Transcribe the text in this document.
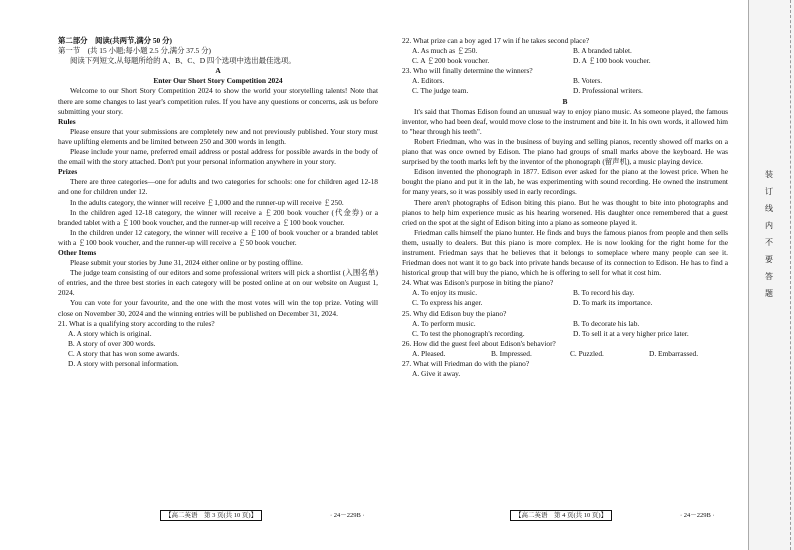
第二部分　阅读(共两节,满分 50 分)

第一节　(共 15 小题;每小题 2.5 分,满分 37.5 分)

阅读下列短文,从每题所给的 A、B、C、D 四个选项中选出最佳选项。

A

Enter Our Short Story Competition 2024

Welcome to our Short Story Competition 2024 to show the world your storytelling talents! Note that there are some changes to last year's competition rules. If you have any questions or concerns, ask us before submitting your story.

Rules

Please ensure that your submissions are completely new and not previously published. Your story must have uplifting elements and be limited between 250 and 300 words in length.

Please include your name, preferred email address or postal address for possible awards in the body of the email with the story attached. Don't put your personal information anywhere in your story.

Prizes

There are three categories—one for adults and two categories for schools: one for children aged 12-18 and one for children under 12.

In the adults category, the winner will receive ￡1,000 and the runner-up will receive ￡250.

In the children aged 12-18 category, the winner will receive a ￡200 book voucher (代金券) or a branded tablet with a ￡100 book voucher, and the runner-up will receive a ￡100 book voucher.

In the children under 12 category, the winner will receive a ￡100 of book voucher or a branded tablet with a ￡100 book voucher, and the runner-up will receive a ￡50 book voucher.

Other Items

Please submit your stories by June 31, 2024 either online or by posting offline.

The judge team consisting of our editors and some professional writers will pick a shortlist (入围名单) of entries, and the three best stories in each category will be posted online at on our website on August 1, 2024.

You can vote for your favourite, and the one with the most votes will win the top prize. Voting will close on November 30, 2024 and the winning entries will be published on December 31, 2024.

21. What is a qualifying story according to the rules?

A. A story which is original.
B. A story of over 300 words.
C. A story that has won some awards.
D. A story with personal information.

22. What prize can a boy aged 17 win if he takes second place?

A. As much as ￡250.	B. A branded tablet.
C. A ￡200 book voucher.	D. A ￡100 book voucher.

23. Who will finally determine the winners?

A. Editors.	B. Voters.
C. The judge team.	D. Professional writers.

B

It's said that Thomas Edison found an unusual way to enjoy piano music. As someone played, the famous inventor, who had been deaf, would move close to the instrument and bite it. In his own words, it allowed him to "hear through his teeth".

Robert Friedman, who was in the business of buying and selling pianos, recently showed off marks on a piano that was once owned by Edison. The piano had groups of small marks above the keyboard. He was surprised by the tooth marks left by the inventor of the phonograph (留声机), a music playing device.

Edison invented the phonograph in 1877. Edison ever asked for the piano at the lowest price. When he bought the piano and put it in the lab, he was experimenting with sound recording. He owned the instrument for many years, so it was possibly used in early recordings.

There aren't photographs of Edison biting this piano. But he was thought to bite into photographs and pianos to help him experience music as his hearing worsened. His daughter once remembered that a guest cried on the spot at the sight of Edison biting into a piano as someone played it.

Friedman calls himself the piano hunter. He finds and buys the famous pianos from people and then sells them, usually to dealers. But this piano is more complex. He is now looking for the right home for the instrument. Friedman says that he believes that it belongs to someplace where many people can see it. Friedman does not want it to go back into private hands because of its connection to Edison. He has to find a historical group that will buy the piano, which he is offering to sell for what it cost him.

24. What was Edison's purpose in biting the piano?

A. To enjoy its music.	B. To record his day.
C. To express his anger.	D. To mark its importance.

25. Why did Edison buy the piano?

A. To perform music.	B. To decorate his lab.
C. To test the phonograph's recording.	D. To sell it at a very higher price later.

26. How did the guest feel about Edison's behavior?

A. Pleased.	B. Impressed.	C. Puzzled.	D. Embarrassed.

27. What will Friedman do with the piano?

A. Give it away.
【高二英语　第 3 页(共 10 页)】	· 24－229B ·	【高二英语　第 4 页(共 10 页)】	· 24－229B ·
装
订
线
内
不
要
答
题
